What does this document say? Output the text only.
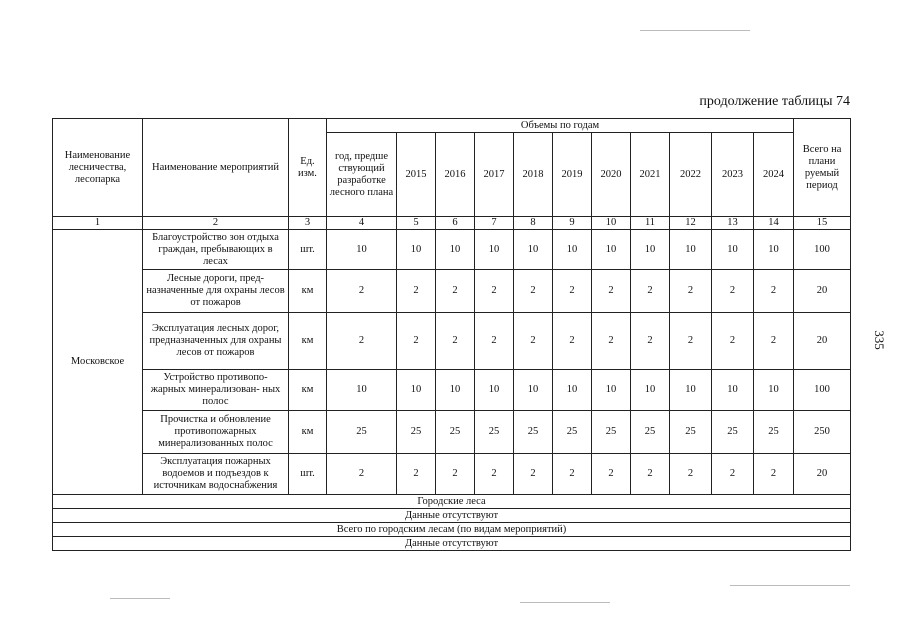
продолжение таблицы 74
335
Наименование лесничества, лесопарка	Наименование мероприятий	Ед. изм.	Объемы по годам											Всего на плани руемый период
			год, предше ствующий разработке лесного плана	2015	2016	2017	2018	2019	2020	2021	2022	2023	2024	
1	2	3	4	5	6	7	8	9	10	11	12	13	14	15
Московское	Благоустройство зон отдыха граждан, пребывающих в лесах	шт.	10	10	10	10	10	10	10	10	10	10	10	100
	Лесные дороги, пред- назначенные для охраны лесов от пожаров	км	2	2	2	2	2	2	2	2	2	2	2	20
	Эксплуатация лесных дорог, предназначенных для охраны лесов от пожаров	км	2	2	2	2	2	2	2	2	2	2	2	20
	Устройство противопо- жарных минерализован- ных полос	км	10	10	10	10	10	10	10	10	10	10	10	100
	Прочистка и обновление противопожарных минерализованных полос	км	25	25	25	25	25	25	25	25	25	25	25	250
	Эксплуатация пожарных водоемов и подъездов к источникам водоснабжения	шт.	2	2	2	2	2	2	2	2	2	2	2	20
Городские леса														
Данные отсутствуют														
Всего по городским лесам (по видам мероприятий)														
Данные отсутствуют														
